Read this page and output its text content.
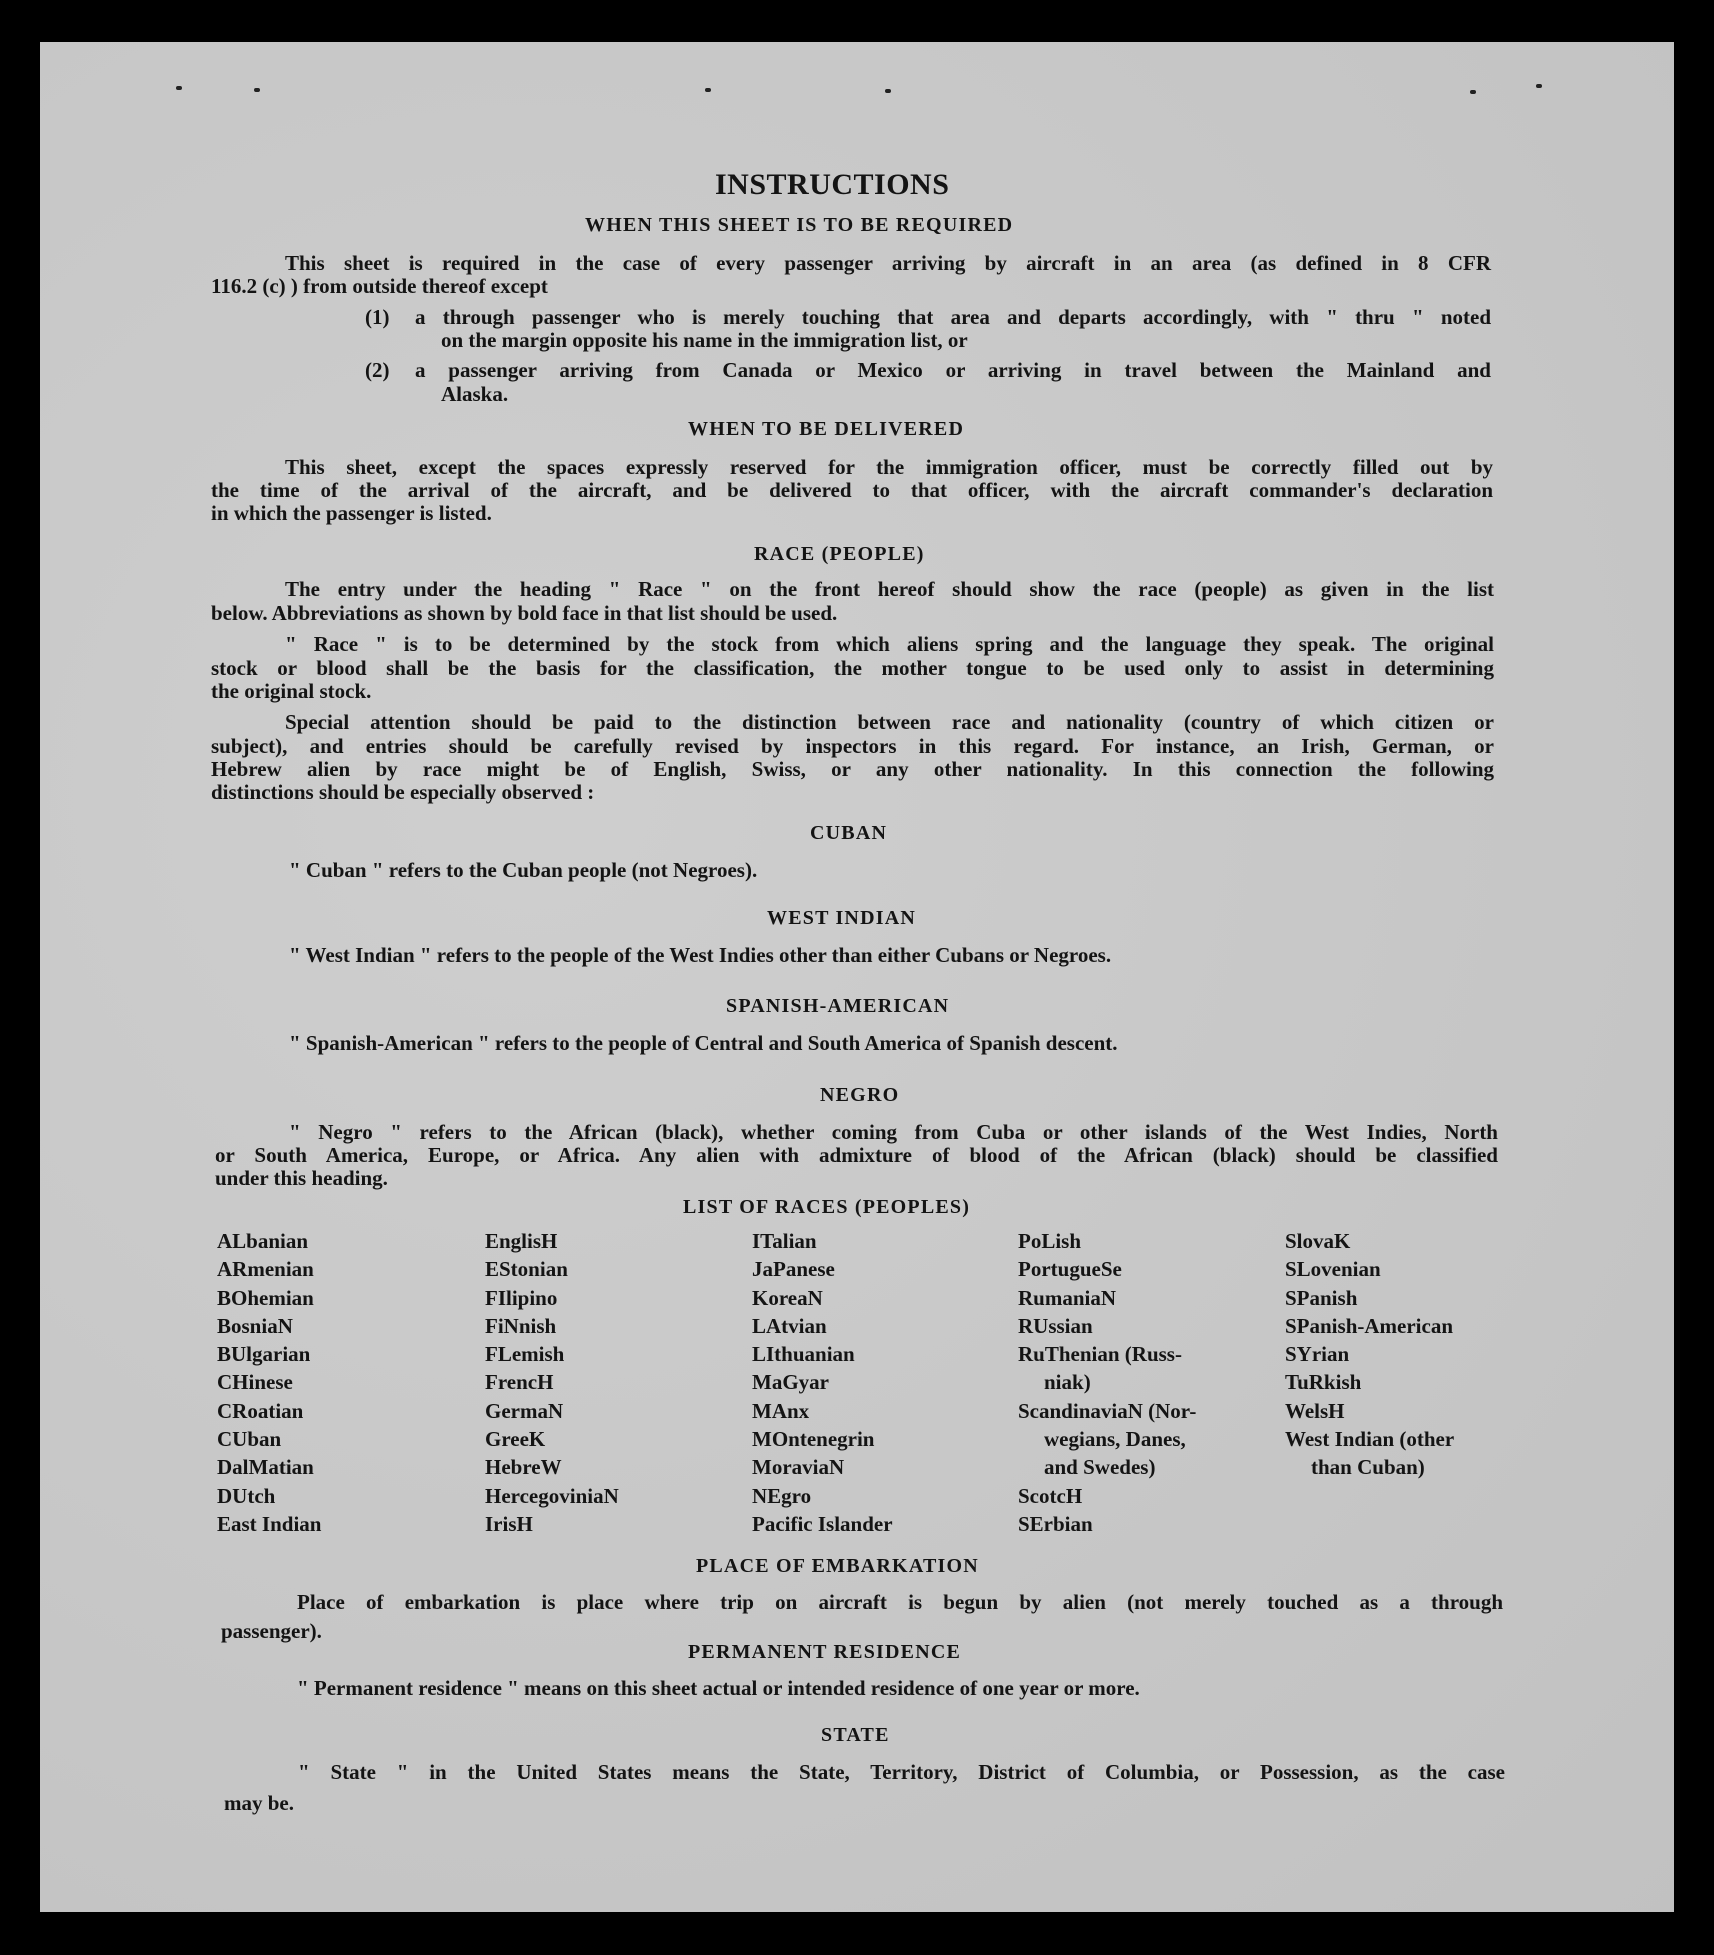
INSTRUCTIONS
WHEN THIS SHEET IS TO BE REQUIRED
This sheet is required in the case of every passenger arriving by aircraft in an area (as defined in 8 CFR
116.2 (c) ) from outside thereof except
(1) a through passenger who is merely touching that area and departs accordingly, with " thru " noted
on the margin opposite his name in the immigration list, or
(2) a passenger arriving from Canada or Mexico or arriving in travel between the Mainland and
Alaska.
WHEN TO BE DELIVERED
This sheet, except the spaces expressly reserved for the immigration officer, must be correctly filled out by
the time of the arrival of the aircraft, and be delivered to that officer, with the aircraft commander's declaration
in which the passenger is listed.
RACE (PEOPLE)
The entry under the heading " Race " on the front hereof should show the race (people) as given in the list
below. Abbreviations as shown by bold face in that list should be used.
" Race " is to be determined by the stock from which aliens spring and the language they speak. The original
stock or blood shall be the basis for the classification, the mother tongue to be used only to assist in determining
the original stock.
Special attention should be paid to the distinction between race and nationality (country of which citizen or
subject), and entries should be carefully revised by inspectors in this regard. For instance, an Irish, German, or
Hebrew alien by race might be of English, Swiss, or any other nationality. In this connection the following
distinctions should be especially observed :
CUBAN
" Cuban " refers to the Cuban people (not Negroes).
WEST INDIAN
" West Indian " refers to the people of the West Indies other than either Cubans or Negroes.
SPANISH-AMERICAN
" Spanish-American " refers to the people of Central and South America of Spanish descent.
NEGRO
" Negro " refers to the African (black), whether coming from Cuba or other islands of the West Indies, North
or South America, Europe, or Africa. Any alien with admixture of blood of the African (black) should be classified
under this heading.
LIST OF RACES (PEOPLES)
ALbanian
ARmenian
BOhemian
BosniaN
BUlgarian
CHinese
CRoatian
CUban
DalMatian
DUtch
East Indian
EnglisH
EStonian
FIlipino
FiNnish
FLemish
FrencH
GermaN
GreeK
HebreW
HercegoviniaN
IrisH
ITalian
JaPanese
KoreaN
LAtvian
LIthuanian
MaGyar
MAnx
MOntenegrin
MoraviaN
NEgro
Pacific Islander
PoLish
PortugueSe
RumaniaN
RUssian
RuThenian (Russ-
niak)
ScandinaviaN (Nor-
wegians, Danes,
and Swedes)
ScotcH
SErbian
SlovaK
SLovenian
SPanish
SPanish-American
SYrian
TuRkish
WelsH
West Indian (other
than Cuban)
PLACE OF EMBARKATION
Place of embarkation is place where trip on aircraft is begun by alien (not merely touched as a through
passenger).
PERMANENT RESIDENCE
" Permanent residence " means on this sheet actual or intended residence of one year or more.
STATE
" State " in the United States means the State, Territory, District of Columbia, or Possession, as the case
may be.
